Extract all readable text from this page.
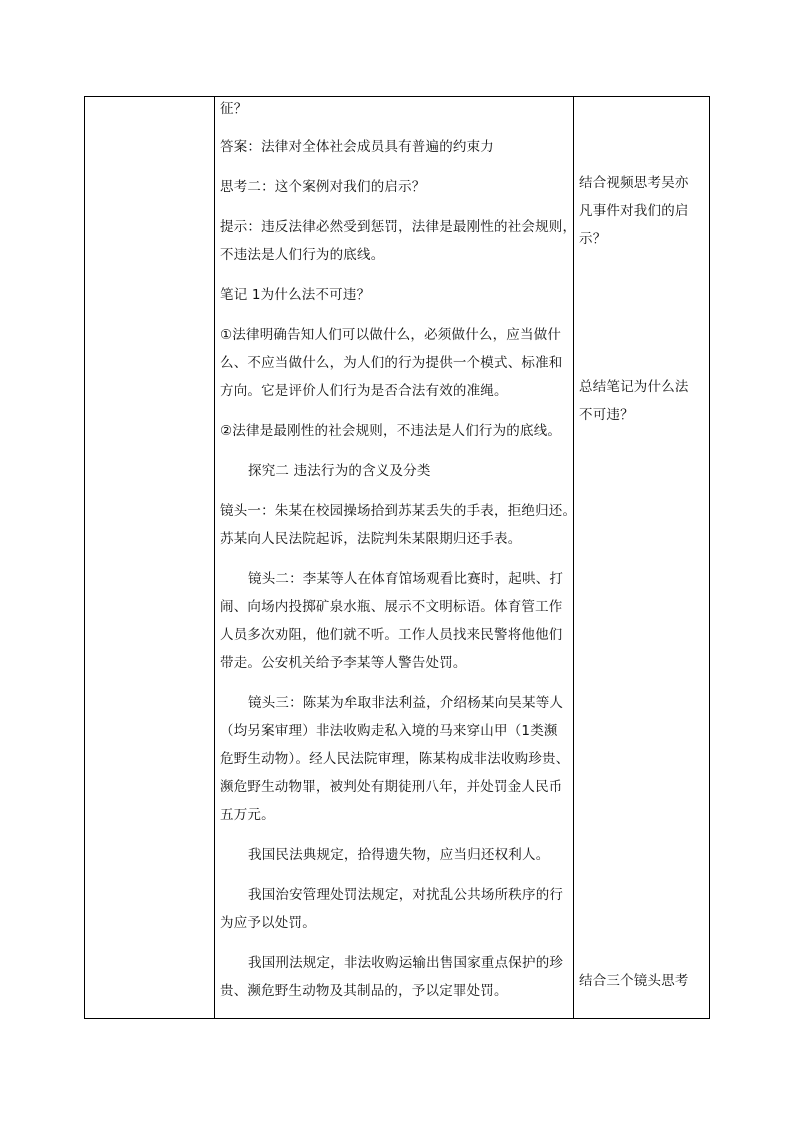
征？

答案：法律对全体社会成员具有普遍的约束力

思考二：这个案例对我们的启示？

提示：违反法律必然受到惩罚，法律是最刚性的社会规则，

不违法是人们行为的底线。

笔记 1为什么法不可违？

①法律明确告知人们可以做什么，必须做什么，应当做什

么、不应当做什么，为人们的行为提供一个模式、标准和

方向。它是评价人们行为是否合法有效的准绳。

②法律是最刚性的社会规则，不违法是人们行为的底线。

探究二 违法行为的含义及分类

镜头一：朱某在校园操场拾到苏某丢失的手表，拒绝归还。

苏某向人民法院起诉，法院判朱某限期归还手表。

镜头二：李某等人在体育馆场观看比赛时，起哄、打

闹、向场内投掷矿泉水瓶、展示不文明标语。体育管工作

人员多次劝阻，他们就不听。工作人员找来民警将他他们

带走。公安机关给予李某等人警告处罚。

镜头三：陈某为牟取非法利益，介绍杨某向吴某等人

（均另案审理）非法收购走私入境的马来穿山甲（1类濒

危野生动物）。经人民法院审理，陈某构成非法收购珍贵、

濒危野生动物罪，被判处有期徒刑八年，并处罚金人民币

五万元。

我国民法典规定，拾得遗失物，应当归还权利人。

我国治安管理处罚法规定，对扰乱公共场所秩序的行

为应予以处罚。

我国刑法规定，非法收购运输出售国家重点保护的珍

贵、濒危野生动物及其制品的，予以定罪处罚。

结合视频思考吴亦

凡事件对我们的启

示？

总结笔记为什么法

不可违？

结合三个镜头思考
